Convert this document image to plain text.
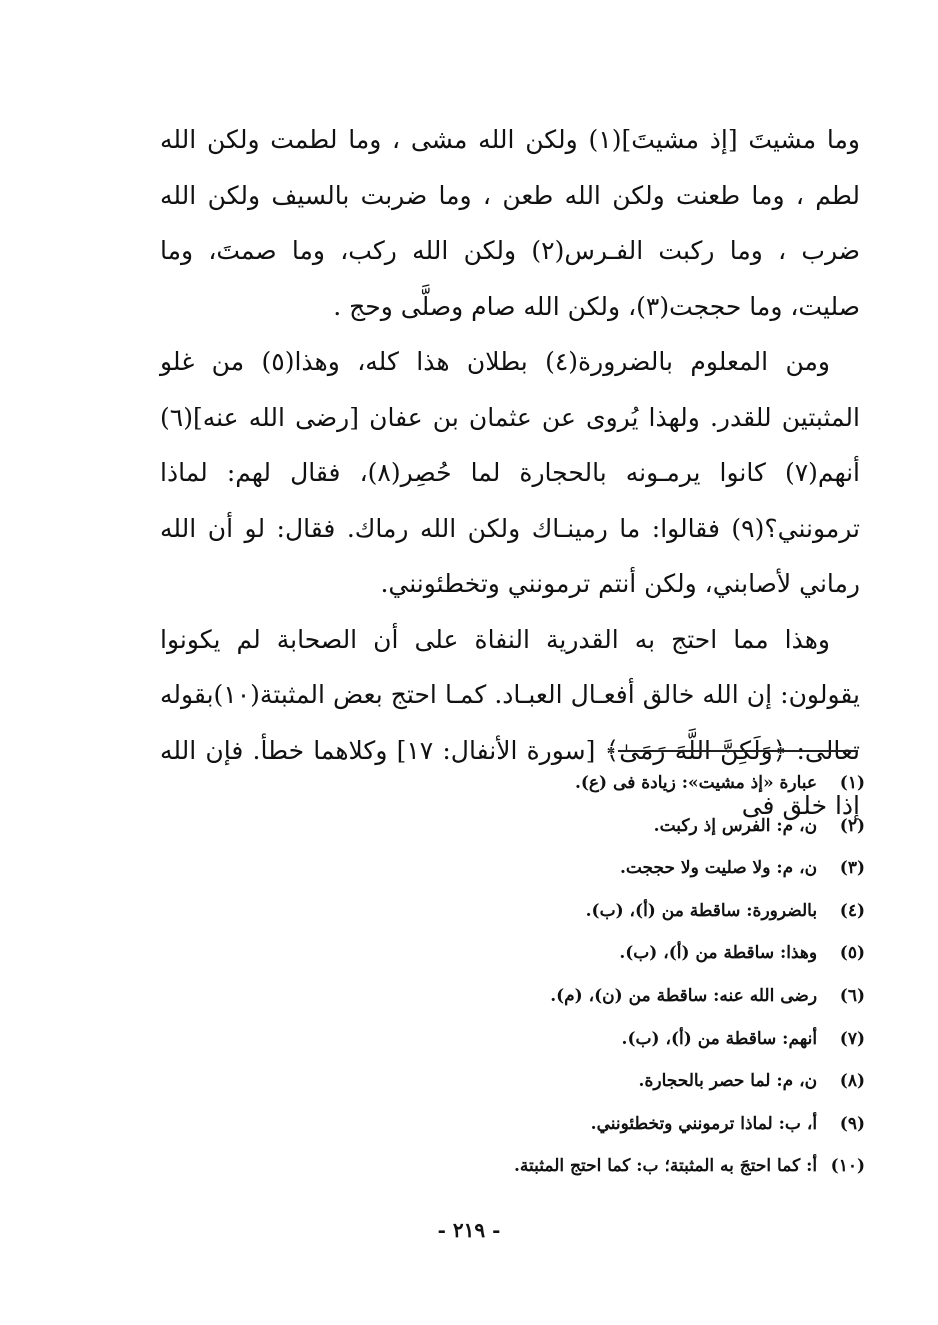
وما مشيتَ [إذ مشيتَ](١) ولكن الله مشى ، وما لطمت ولكن الله لطم ، وما طعنت ولكن الله طعن ، وما ضربت بالسيف ولكن الله ضرب ، وما ركبت الفـرس(٢) ولكن الله ركب، وما صمتَ، وما صليت، وما حججت(٣)، ولكن الله صام وصلَّى وحج .

ومن المعلوم بالضرورة(٤) بطلان هذا كله، وهذا(٥) من غلو المثبتين للقدر. ولهذا يُروى عن عثمان بن عفان [رضى الله عنه](٦) أنهم(٧) كانوا يرمـونه بالحجارة لما حُصِر(٨)، فقال لهم: لماذا ترمونني؟(٩) فقالوا: ما رمينـاك ولكن الله رماك. فقال: لو أن الله رماني لأصابني، ولكن أنتم ترمونني وتخطئونني.

وهذا مما احتج به القدرية النفاة على أن الصحابة لم يكونوا يقولون: إن الله خالق أفعـال العبـاد. كمـا احتج بعض المثبتة(١٠)بقوله تعالى: ﴿وَلَكِنَّ اللَّهَ رَمَىٰ﴾ [سورة الأنفال: ١٧] وكلاهما خطأ. فإن الله إذا خلق فى

(١) عبارة «إذ مشيت»: زيادة فى (ع).
(٢) ن، م: الفرس إذ ركبت.
(٣) ن، م: ولا صليت ولا حججت.
(٤) بالضرورة: ساقطة من (أ)، (ب).
(٥) وهذا: ساقطة من (أ)، (ب).
(٦) رضى الله عنه: ساقطة من (ن)، (م).
(٧) أنهم: ساقطة من (أ)، (ب).
(٨) ن، م: لما حصر بالحجارة.
(٩) أ، ب: لماذا ترمونني وتخطئونني.
(١٠) أ: كما احتجَ به المثبتة؛ ب: كما احتج المثبتة.
- ٢١٩ -
